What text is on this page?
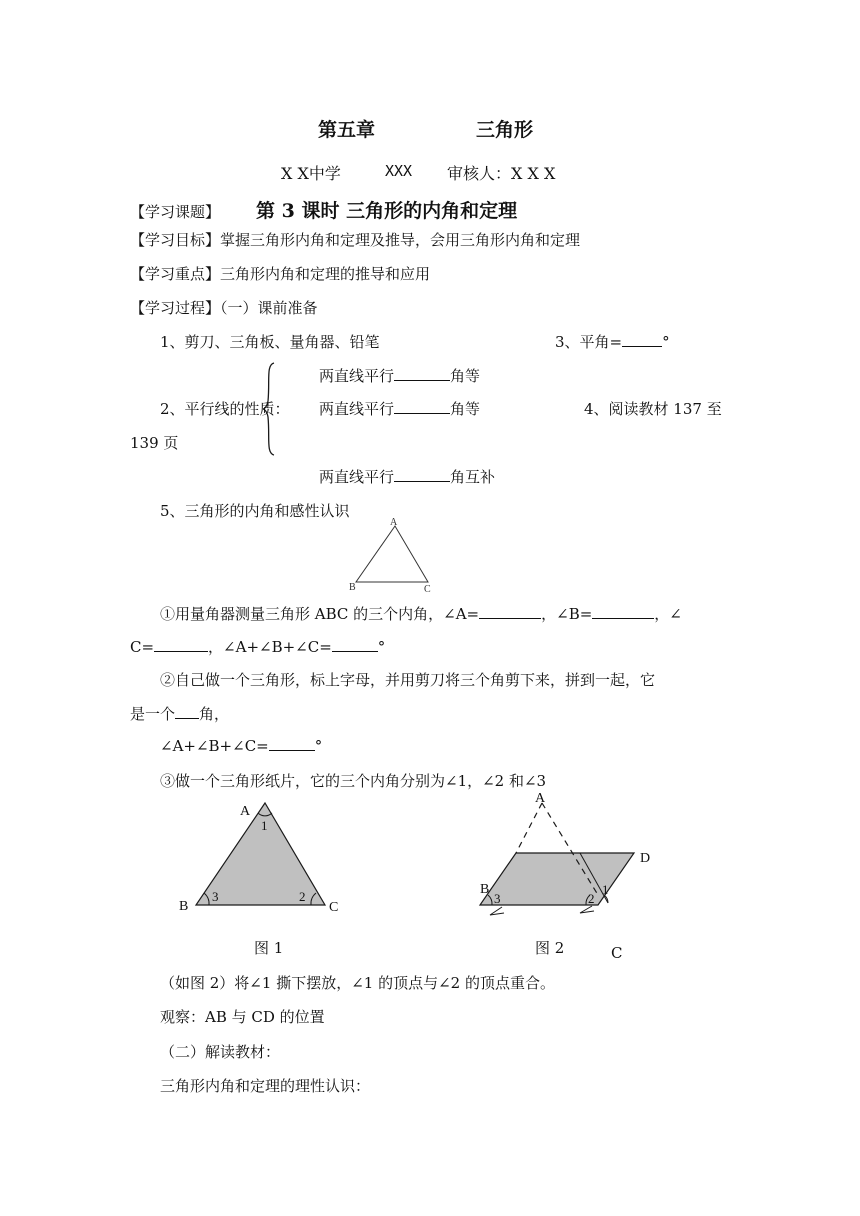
第五章	三角形
X X中学	XXX 审核人：X X X
【学习课题】 第 3 课时 三角形的内角和定理
【学习目标】掌握三角形内角和定理及推导，会用三角形内角和定理
【学习重点】三角形内角和定理的推导和应用
【学习过程】（一）课前准备
1、剪刀、三角板、量角器、铅笔	3、平角=	°
两直线平行	角等
2、平行线的性质： 两直线平行	角等	4、阅读教材 137 至
139 页
两直线平行	角互补
5、三角形的内角和感性认识
A
B	C
①用量角器测量三角形 ABC 的三个内角，∠A=	，∠B=	，∠
C=	，∠A+∠B+∠C=	°
②自己做一个三角形，标上字母，并用剪刀将三个角剪下来，拼到一起，它
是一个 角，
∠A+∠B+∠C=	°
③做一个三角形纸片，它的三个内角分别为∠1，∠2 和∠3
A
1
B
3	2
C
图 1
A
D
B
3	2
1
图 2	C
（如图 2）将∠1 撕下摆放，∠1 的顶点与∠2 的顶点重合。
观察：AB 与 CD 的位置
（二）解读教材：
三角形内角和定理的理性认识：
